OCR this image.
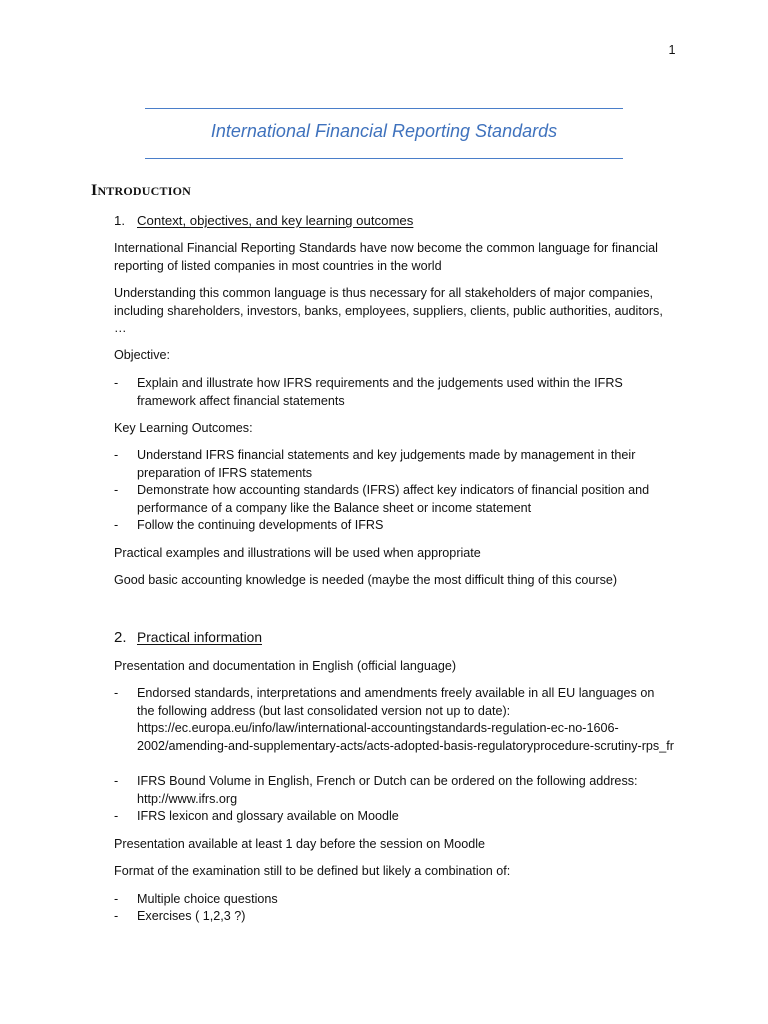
1
International Financial Reporting Standards
INTRODUCTION
1. Context, objectives, and key learning outcomes
International Financial Reporting Standards have now become the common language for financial reporting of listed companies in most countries in the world
Understanding this common language is thus necessary for all stakeholders of major companies, including shareholders, investors, banks, employees, suppliers, clients, public authorities, auditors, …
Objective:
- Explain and illustrate how IFRS requirements and the judgements used within the IFRS framework affect financial statements
Key Learning Outcomes:
- Understand IFRS financial statements and key judgements made by management in their preparation of IFRS statements
- Demonstrate how accounting standards (IFRS) affect key indicators of financial position and performance of a company like the Balance sheet or income statement
- Follow the continuing developments of IFRS
Practical examples and illustrations will be used when appropriate
Good basic accounting knowledge is needed (maybe the most difficult thing of this course)
2. Practical information
Presentation and documentation in English (official language)
- Endorsed standards, interpretations and amendments freely available in all EU languages on the following address (but last consolidated version not up to date): https://ec.europa.eu/info/law/international-accountingstandards-regulation-ec-no-1606-2002/amending-and-supplementary-acts/acts-adopted-basis-regulatoryprocedure-scrutiny-rps_fr
- IFRS Bound Volume in English, French or Dutch can be ordered on the following address: http://www.ifrs.org
- IFRS lexicon and glossary available on Moodle
Presentation available at least 1 day before the session on Moodle
Format of the examination still to be defined but likely a combination of:
- Multiple choice questions
- Exercises ( 1,2,3 ?)
